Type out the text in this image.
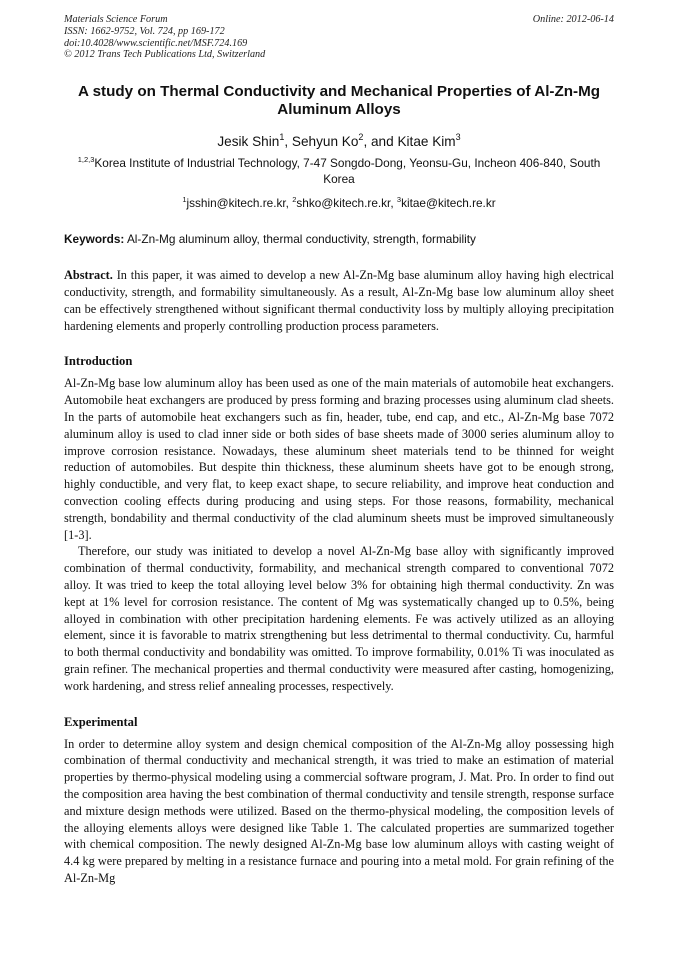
Materials Science Forum
ISSN: 1662-9752, Vol. 724, pp 169-172
doi:10.4028/www.scientific.net/MSF.724.169
© 2012 Trans Tech Publications Ltd, Switzerland
Online: 2012-06-14
A study on Thermal Conductivity and Mechanical Properties of Al-Zn-Mg Aluminum Alloys
Jesik Shin$^1$, Sehyun Ko$^2$, and Kitae Kim$^3$
$^{1,2,3}$Korea Institute of Industrial Technology, 7-47 Songdo-Dong, Yeonsu-Gu, Incheon 406-840, South Korea
$^1$jsshin@kitech.re.kr, $^2$shko@kitech.re.kr, $^3$kitae@kitech.re.kr
Keywords: Al-Zn-Mg aluminum alloy, thermal conductivity, strength, formability
Abstract. In this paper, it was aimed to develop a new Al-Zn-Mg base aluminum alloy having high electrical conductivity, strength, and formability simultaneously. As a result, Al-Zn-Mg base low aluminum alloy sheet can be effectively strengthened without significant thermal conductivity loss by multiply alloying precipitation hardening elements and properly controlling production process parameters.
Introduction
Al-Zn-Mg base low aluminum alloy has been used as one of the main materials of automobile heat exchangers. Automobile heat exchangers are produced by press forming and brazing processes using aluminum clad sheets. In the parts of automobile heat exchangers such as fin, header, tube, end cap, and etc., Al-Zn-Mg base 7072 aluminum alloy is used to clad inner side or both sides of base sheets made of 3000 series aluminum alloy to improve corrosion resistance. Nowadays, these aluminum sheet materials tend to be thinned for weight reduction of automobiles. But despite thin thickness, these aluminum sheets have got to be enough strong, highly conductible, and very flat, to keep exact shape, to secure reliability, and improve heat conduction and convection cooling effects during producing and using steps. For those reasons, formability, mechanical strength, bondability and thermal conductivity of the clad aluminum sheets must be improved simultaneously [1-3].
Therefore, our study was initiated to develop a novel Al-Zn-Mg base alloy with significantly improved combination of thermal conductivity, formability, and mechanical strength compared to conventional 7072 alloy. It was tried to keep the total alloying level below 3% for obtaining high thermal conductivity. Zn was kept at 1% level for corrosion resistance. The content of Mg was systematically changed up to 0.5%, being alloyed in combination with other precipitation hardening elements. Fe was actively utilized as an alloying element, since it is favorable to matrix strengthening but less detrimental to thermal conductivity. Cu, harmful to both thermal conductivity and bondability was omitted. To improve formability, 0.01% Ti was inoculated as grain refiner. The mechanical properties and thermal conductivity were measured after casting, homogenizing, work hardening, and stress relief annealing processes, respectively.
Experimental
In order to determine alloy system and design chemical composition of the Al-Zn-Mg alloy possessing high combination of thermal conductivity and mechanical strength, it was tried to make an estimation of material properties by thermo-physical modeling using a commercial software program, J. Mat. Pro. In order to find out the composition area having the best combination of thermal conductivity and tensile strength, response surface and mixture design methods were utilized. Based on the thermo-physical modeling, the composition levels of the alloying elements alloys were designed like Table 1. The calculated properties are summarized together with chemical composition. The newly designed Al-Zn-Mg base low aluminum alloys with casting weight of 4.4 kg were prepared by melting in a resistance furnace and pouring into a metal mold. For grain refining of the Al-Zn-Mg
